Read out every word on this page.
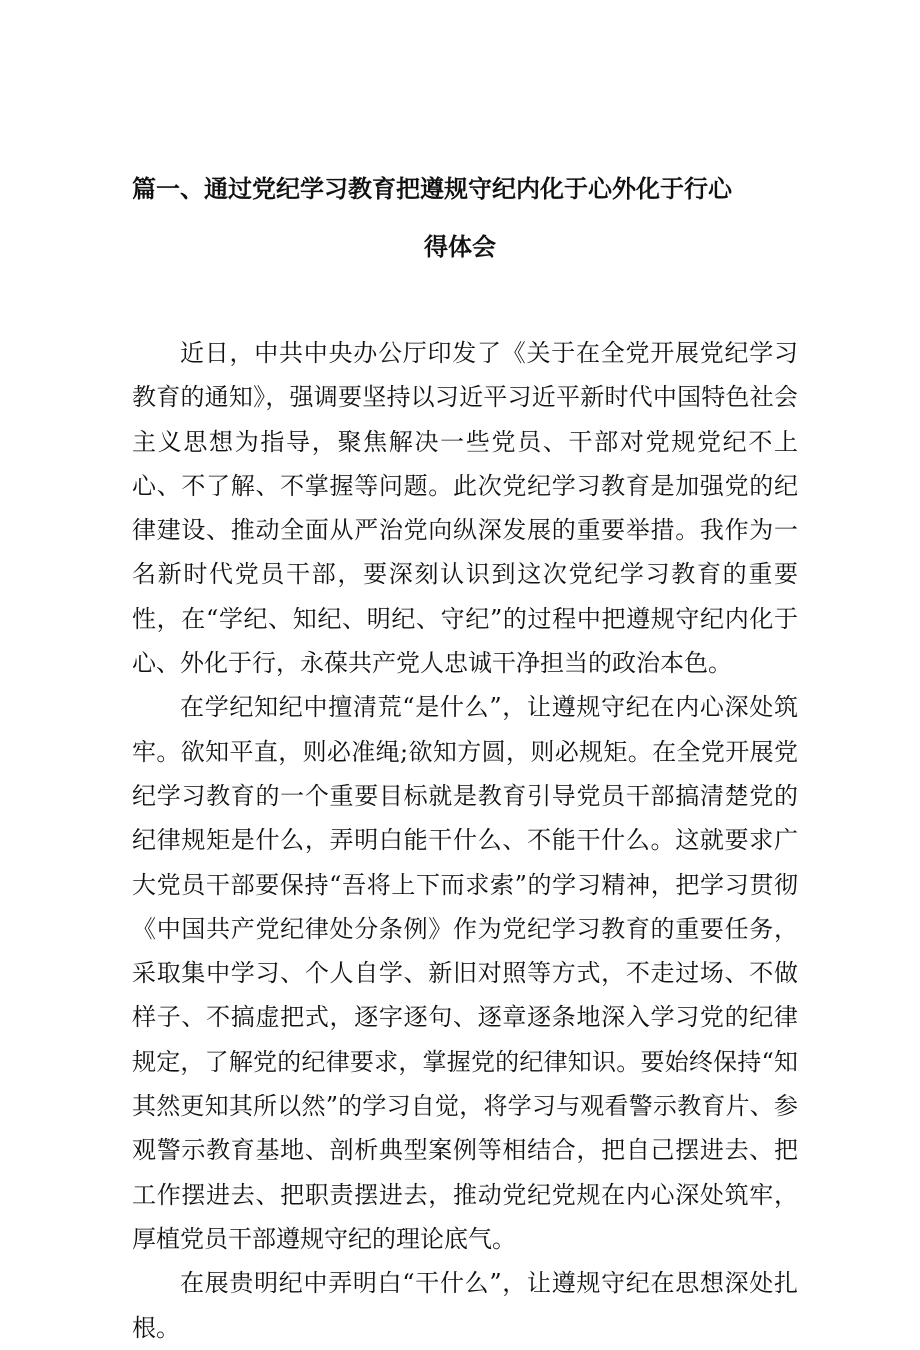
篇一、通过党纪学习教育把遵规守纪内化于心外化于行心
得体会

近日，中共中央办公厅印发了《关于在全党开展党纪学习教育的通知》，强调要坚持以习近平习近平新时代中国特色社会主义思想为指导，聚焦解决一些党员、干部对党规党纪不上心、不了解、不掌握等问题。此次党纪学习教育是加强党的纪律建设、推动全面从严治党向纵深发展的重要举措。我作为一名新时代党员干部，要深刻认识到这次党纪学习教育的重要性，在“学纪、知纪、明纪、守纪”的过程中把遵规守纪内化于心、外化于行，永葆共产党人忠诚干净担当的政治本色。

在学纪知纪中擅清荒“是什么”，让遵规守纪在内心深处筑牢。欲知平直，则必准绳;欲知方圆，则必规矩。在全党开展党纪学习教育的一个重要目标就是教育引导党员干部搞清楚党的纪律规矩是什么，弄明白能干什么、不能干什么。这就要求广大党员干部要保持“吾将上下而求索”的学习精神，把学习贯彻《中国共产党纪律处分条例》作为党纪学习教育的重要任务，采取集中学习、个人自学、新旧对照等方式，不走过场、不做样子、不搞虚把式，逐字逐句、逐章逐条地深入学习党的纪律规定，了解党的纪律要求，掌握党的纪律知识。要始终保持“知其然更知其所以然”的学习自觉，将学习与观看警示教育片、参观警示教育基地、剖析典型案例等相结合，把自己摆进去、把工作摆进去、把职责摆进去，推动党纪党规在内心深处筑牢，厚植党员干部遵规守纪的理论底气。

在展贵明纪中弄明白“干什么”，让遵规守纪在思想深处扎根。
